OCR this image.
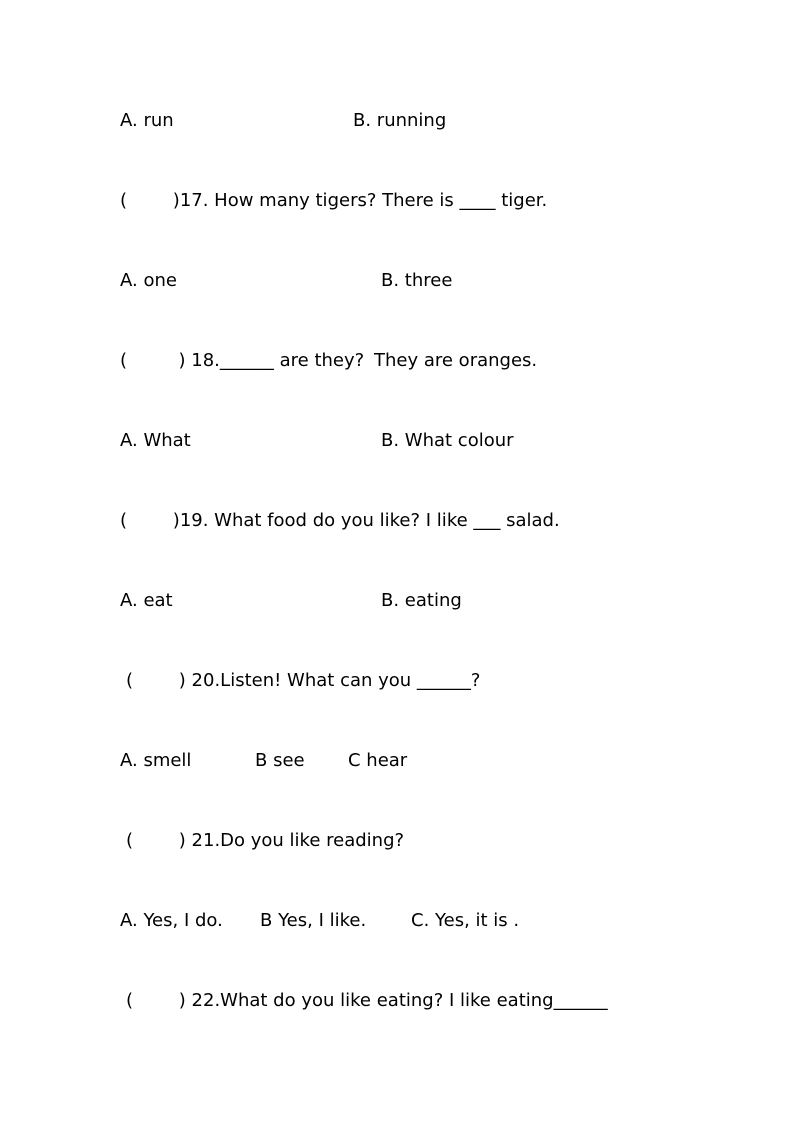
A. run

	B. running

(        )17. How many tigers? There is ____ tiger.

A. one

	B. three

(         ) 18.______ are they?

They are oranges.

A. What

	B. What colour

(        )19. What food do you like? I like ___ salad.

A. eat

	B. eating

(        ) 20.Listen! What can you ______?

A. smell

	B see

C hear

(        ) 21.Do you like reading?

A. Yes, I do.

B Yes, I like.

C. Yes, it is .

(        ) 22.What do you like eating? I like eating______
